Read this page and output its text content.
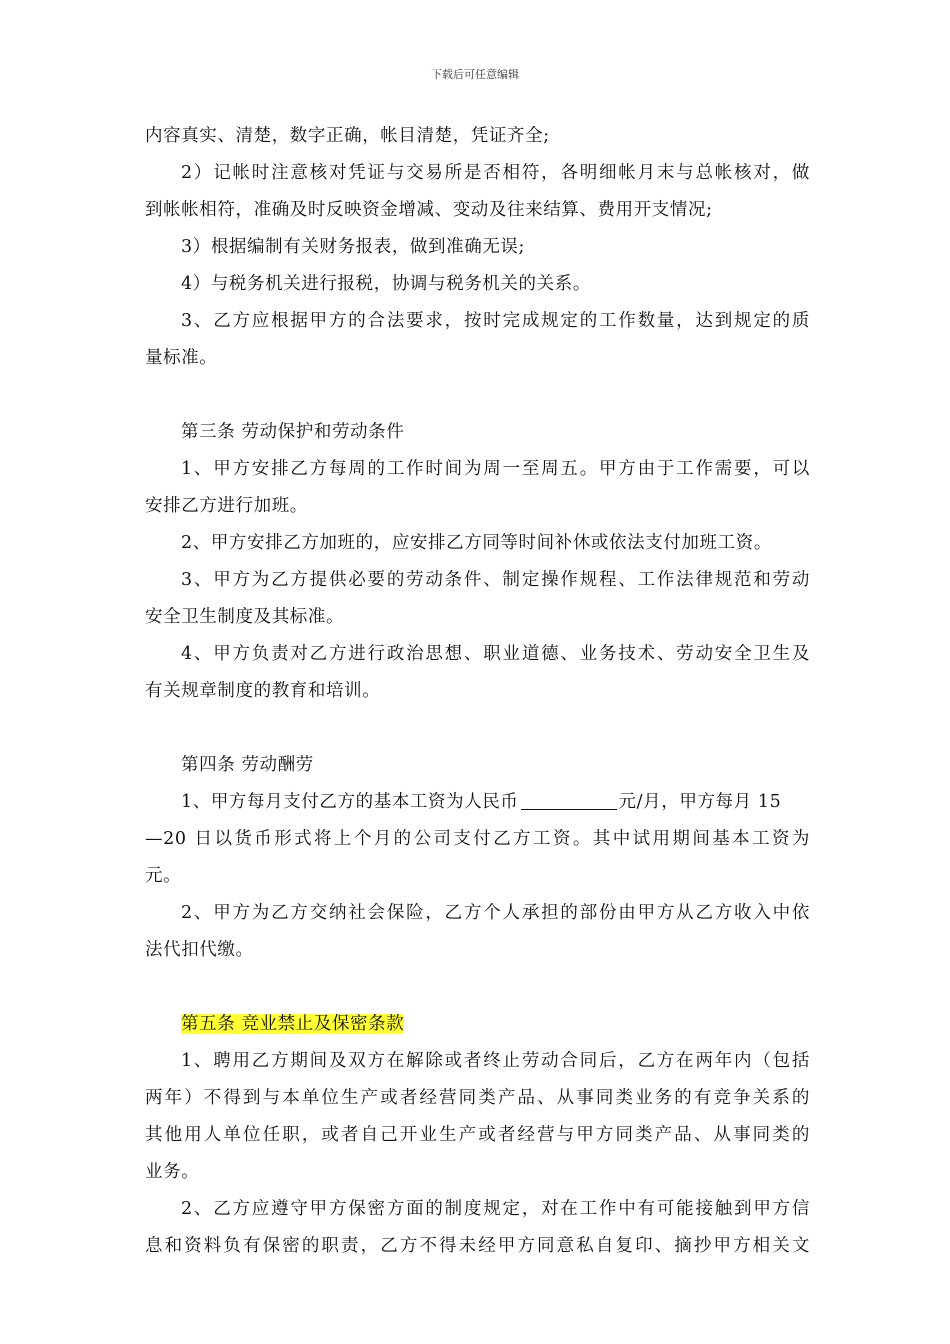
下载后可任意编辑
内容真实、清楚，数字正确，帐目清楚，凭证齐全;
2）记帐时注意核对凭证与交易所是否相符，各明细帐月末与总帐核对，做
到帐帐相符，准确及时反映资金增减、变动及往来结算、费用开支情况;
3）根据编制有关财务报表，做到准确无误;
4）与税务机关进行报税，协调与税务机关的关系。
3、乙方应根据甲方的合法要求，按时完成规定的工作数量，达到规定的质
量标准。
第三条 劳动保护和劳动条件
1、甲方安排乙方每周的工作时间为周一至周五。甲方由于工作需要，可以
安排乙方进行加班。
2、甲方安排乙方加班的，应安排乙方同等时间补休或依法支付加班工资。
3、甲方为乙方提供必要的劳动条件、制定操作规程、工作法律规范和劳动
安全卫生制度及其标准。
4、甲方负责对乙方进行政治思想、职业道德、业务技术、劳动安全卫生及
有关规章制度的教育和培训。
第四条 劳动酬劳
1、甲方每月支付乙方的基本工资为人民币	元/月，甲方每月 15
—20 日以货币形式将上个月的公司支付乙方工资。其中试用期间基本工资为
元。
2、甲方为乙方交纳社会保险，乙方个人承担的部份由甲方从乙方收入中依
法代扣代缴。
第五条 竞业禁止及保密条款
1、聘用乙方期间及双方在解除或者终止劳动合同后，乙方在两年内（包括
两年）不得到与本单位生产或者经营同类产品、从事同类业务的有竞争关系的
其他用人单位任职，或者自己开业生产或者经营与甲方同类产品、从事同类的
业务。
2、乙方应遵守甲方保密方面的制度规定，对在工作中有可能接触到甲方信
息和资料负有保密的职责，乙方不得未经甲方同意私自复印、摘抄甲方相关文
